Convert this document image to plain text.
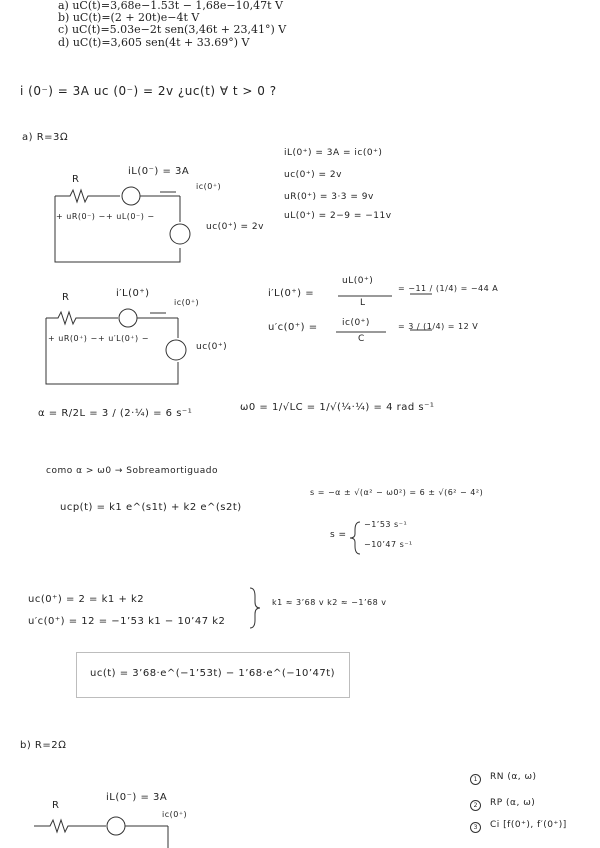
a) uC(t)=3,68e−1.53t − 1,68e−10,47t V
b) uC(t)=(2 + 20t)e−4t V
c) uC(t)=5.03e−2t sen(3,46t + 23,41°) V
d) uC(t)=3,605 sen(4t + 33.69°) V
i (0⁻) = 3A uc (0⁻) = 2v ¿uc(t) ∀ t > 0 ?
a) R=3Ω
iL(0⁻) = 3A
R
+ uR(0⁻) − + uL(0⁻) −
ic(0⁺)
uc(0⁺) = 2v
iL(0⁺) = 3A = ic(0⁺)
uc(0⁺) = 2v
uR(0⁺) = 3·3 = 9v
uL(0⁺) = 2−9 = −11v
i′L(0⁺)
R
+ uR(0⁺) − + u′L(0⁺) −
ic(0⁺)
uc(0⁺)
i′L(0⁺) =
uL(0⁺)
L
= −11 / (1/4) = −44 A
u′c(0⁺) =	ic(0⁺)
C
= 3 / (1/4) = 12 V
α = R/2L = 3 / (2·¼) = 6 s⁻¹
ω0 = 1/√LC = 1/√(¼·¼) = 4 rad s⁻¹
como α > ω0 → Sobreamortiguado
ucp(t) = k1 e^(s1t) + k2 e^(s2t)
s = −α ± √(α² − ω0²) = 6 ± √(6² − 4²)
s =
−1’53 s⁻¹
−10’47 s⁻¹
uc(0⁺) = 2 = k1 + k2
u′c(0⁺) = 12 = −1’53 k1 − 10’47 k2
k1 ≈ 3’68 v k2 ≈ −1’68 v
uc(t) = 3’68·e^(−1’53t) − 1’68·e^(−10’47t)
b) R=2Ω
1	RN (α, ω)
2	RP (α, ω)
3	Ci [f(0⁺), f′(0⁺)]
iL(0⁻) = 3A
R
ic(0⁺)
